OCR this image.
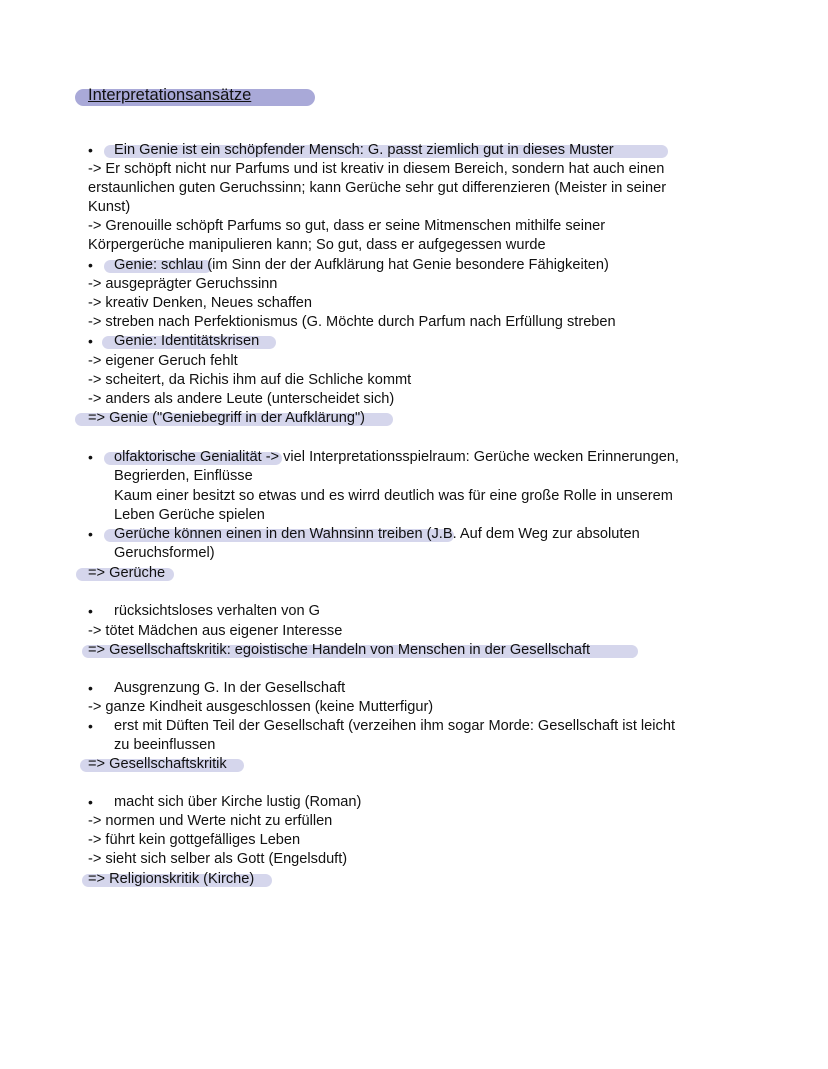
Interpretationsansätze
• Ein Genie ist ein schöpfender Mensch: G. passt ziemlich gut in dieses Muster
-> Er schöpft nicht nur Parfums und ist kreativ in diesem Bereich, sondern hat auch einen
erstaunlichen guten Geruchssinn; kann Gerüche sehr gut differenzieren (Meister in seiner
Kunst)
-> Grenouille schöpft Parfums so gut, dass er seine Mitmenschen mithilfe seiner
Körpergerüche manipulieren kann; So gut, dass er aufgegessen wurde
• Genie: schlau (im Sinn der der Aufklärung hat Genie besondere Fähigkeiten)
-> ausgeprägter Geruchssinn
-> kreativ Denken, Neues schaffen
-> streben nach Perfektionismus (G. Möchte durch Parfum nach Erfüllung streben
• Genie: Identitätskrisen
-> eigener Geruch fehlt
-> scheitert, da Richis ihm auf die Schliche kommt
-> anders als andere Leute (unterscheidet sich)
=> Genie ("Geniebegriff in der Aufklärung")
• olfaktorische Genialität -> viel Interpretationsspielraum: Gerüche wecken Erinnerungen,
Begrierden, Einflüsse
Kaum einer besitzt so etwas und es wirrd deutlich was für eine große Rolle in unserem
Leben Gerüche spielen
• Gerüche können einen in den Wahnsinn treiben (J.B. Auf dem Weg zur absoluten
Geruchsformel)
=> Gerüche
• rücksichtsloses verhalten von G
-> tötet Mädchen aus eigener Interesse
=> Gesellschaftskritik: egoistische Handeln von Menschen in der Gesellschaft
• Ausgrenzung G. In der Gesellschaft
-> ganze Kindheit ausgeschlossen (keine Mutterfigur)
• erst mit Düften Teil der Gesellschaft (verzeihen ihm sogar Morde: Gesellschaft ist leicht
zu beeinflussen
=> Gesellschaftskritik
• macht sich über Kirche lustig (Roman)
-> normen und Werte nicht zu erfüllen
-> führt kein gottgefälliges Leben
-> sieht sich selber als Gott (Engelsduft)
=> Religionskritik (Kirche)
